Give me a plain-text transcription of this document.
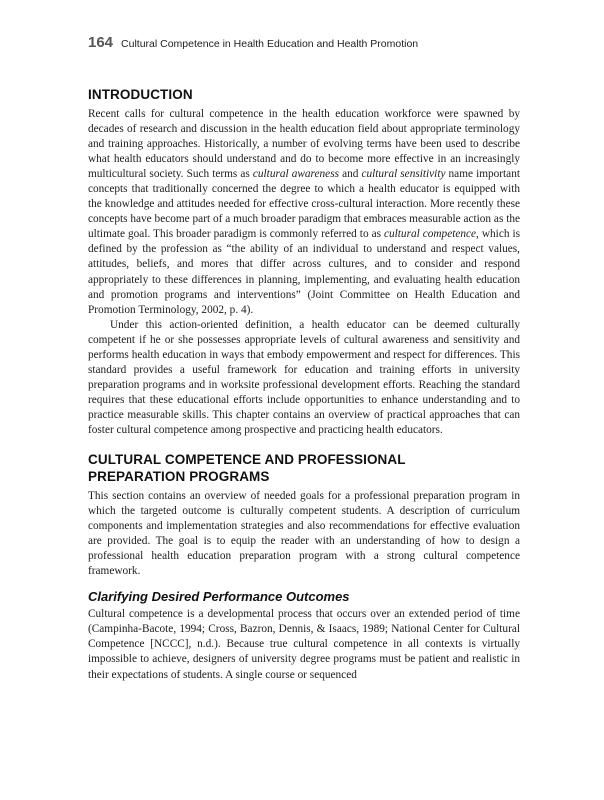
164 Cultural Competence in Health Education and Health Promotion
INTRODUCTION

Recent calls for cultural competence in the health education workforce were spawned by decades of research and discussion in the health education field about appropriate terminology and training approaches. Historically, a number of evolving terms have been used to describe what health educators should understand and do to become more effective in an increasingly multicultural society. Such terms as cultural awareness and cultural sensitivity name important concepts that traditionally concerned the degree to which a health educator is equipped with the knowledge and attitudes needed for effective cross-cultural interaction. More recently these concepts have become part of a much broader paradigm that embraces measurable action as the ultimate goal. This broader paradigm is commonly referred to as cultural competence, which is defined by the profession as “the ability of an individual to understand and respect values, attitudes, beliefs, and mores that differ across cultures, and to consider and respond appropriately to these differences in planning, implementing, and evaluating health education and promotion programs and interventions” (Joint Committee on Health Education and Promotion Terminology, 2002, p. 4).

Under this action-oriented definition, a health educator can be deemed culturally competent if he or she possesses appropriate levels of cultural awareness and sensitivity and performs health education in ways that embody empowerment and respect for differences. This standard provides a useful framework for education and training efforts in university preparation programs and in worksite professional development efforts. Reaching the standard requires that these educational efforts include opportunities to enhance understanding and to practice measurable skills. This chapter contains an overview of practical approaches that can foster cultural competence among prospective and practicing health educators.

CULTURAL COMPETENCE AND PROFESSIONAL
PREPARATION PROGRAMS

This section contains an overview of needed goals for a professional preparation program in which the targeted outcome is culturally competent students. A description of curriculum components and implementation strategies and also recommendations for effective evaluation are provided. The goal is to equip the reader with an understanding of how to design a professional health education preparation program with a strong cultural competence framework.

Clarifying Desired Performance Outcomes

Cultural competence is a developmental process that occurs over an extended period of time (Campinha-Bacote, 1994; Cross, Bazron, Dennis, & Isaacs, 1989; National Center for Cultural Competence [NCCC], n.d.). Because true cultural competence in all contexts is virtually impossible to achieve, designers of university degree programs must be patient and realistic in their expectations of students. A single course or sequenced
